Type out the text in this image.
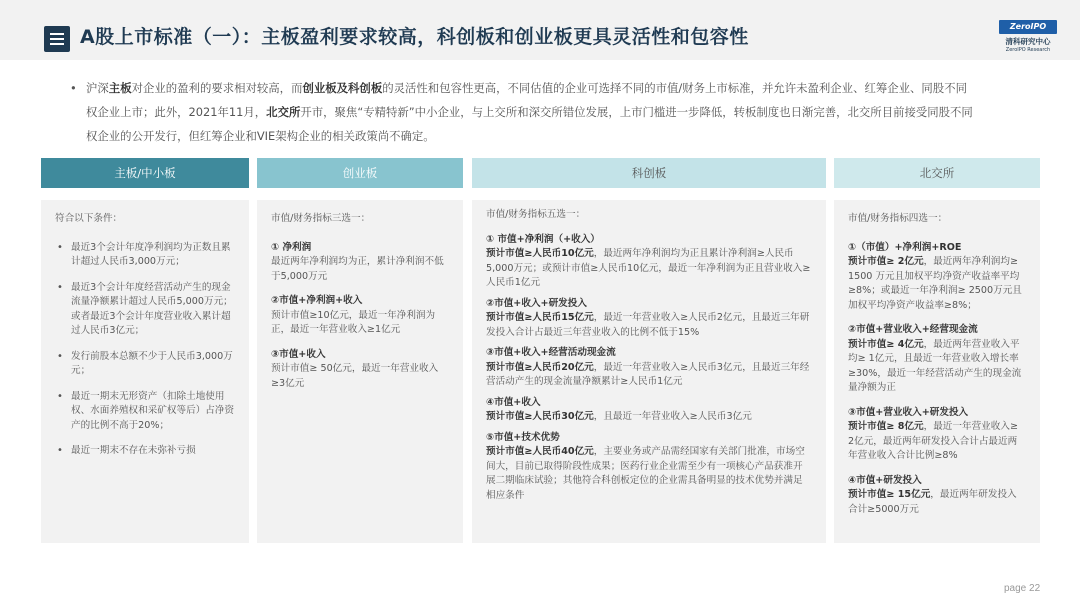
A股上市标准（一）：主板盈利要求较高，科创板和创业板更具灵活性和包容性	ZeroIPO
清科研究中心
ZeroIPO Research
• 沪深主板对企业的盈利的要求相对较高，而创业板及科创板的灵活性和包容性更高，不同估值的企业可选择不同的市值/财务上市标准，并允许未盈利企业、红筹企业、同股不同权企业上市；此外，2021年11月，北交所开市，聚焦“专精特新”中小企业，与上交所和深交所错位发展，上市门槛进一步降低，转板制度也日渐完善，北交所目前接受同股不同权企业的公开发行，但红筹企业和VIE架构企业的相关政策尚不确定。
主板/中小板	创业板	科创板	北交所
符合以下条件：
• 最近3个会计年度净利润均为正数且累计超过人民币3,000万元；
• 最近3个会计年度经营活动产生的现金流量净额累计超过人民币5,000万元；或者最近3个会计年度营业收入累计超过人民币3亿元；
• 发行前股本总额不少于人民币3,000万元；
• 最近一期末无形资产（扣除土地使用权、水面养殖权和采矿权等后）占净资产的比例不高于20%；
• 最近一期末不存在未弥补亏损
市值/财务指标三选一：
① 净利润
最近两年净利润均为正，累计净利润不低于5,000万元
②市值+净利润+收入
预计市值≥10亿元，最近一年净利润为正，最近一年营业收入≥1亿元
③市值+收入
预计市值≥ 50亿元，最近一年营业收入≥3亿元
市值/财务指标五选一：
① 市值+净利润（+收入）
预计市值≥人民币10亿元，最近两年净利润均为正且累计净利润≥人民币5,000万元；或预计市值≥人民币10亿元，最近一年净利润为正且营业收入≥人民币1亿元
②市值+收入+研发投入
预计市值≥人民币15亿元，最近一年营业收入≥人民币2亿元，且最近三年研发投入合计占最近三年营业收入的比例不低于15%
③市值+收入+经营活动现金流
预计市值≥人民币20亿元，最近一年营业收入≥人民币3亿元，且最近三年经营活动产生的现金流量净额累计≥人民币1亿元
④市值+收入
预计市值≥人民币30亿元，且最近一年营业收入≥人民币3亿元
⑤市值+技术优势
预计市值≥人民币40亿元，主要业务或产品需经国家有关部门批准，市场空间大，目前已取得阶段性成果；医药行业企业需至少有一项核心产品获准开展二期临床试验；其他符合科创板定位的企业需具备明显的技术优势并满足相应条件
市值/财务指标四选一：
①（市值）+净利润+ROE
预计市值≥ 2亿元，最近两年净利润均≥ 1500 万元且加权平均净资产收益率平均≥8%；或最近一年净利润≥ 2500万元且加权平均净资产收益率≥8%；
②市值+营业收入+经营现金流
预计市值≥ 4亿元，最近两年营业收入平均≥ 1亿元，且最近一年营业收入增长率≥30%，最近一年经营活动产生的现金流量净额为正
③市值+营业收入+研发投入
预计市值≥ 8亿元，最近一年营业收入≥ 2亿元，最近两年研发投入合计占最近两年营业收入合计比例≥8%
④市值+研发投入
预计市值≥ 15亿元，最近两年研发投入合计≥5000万元
page 22
